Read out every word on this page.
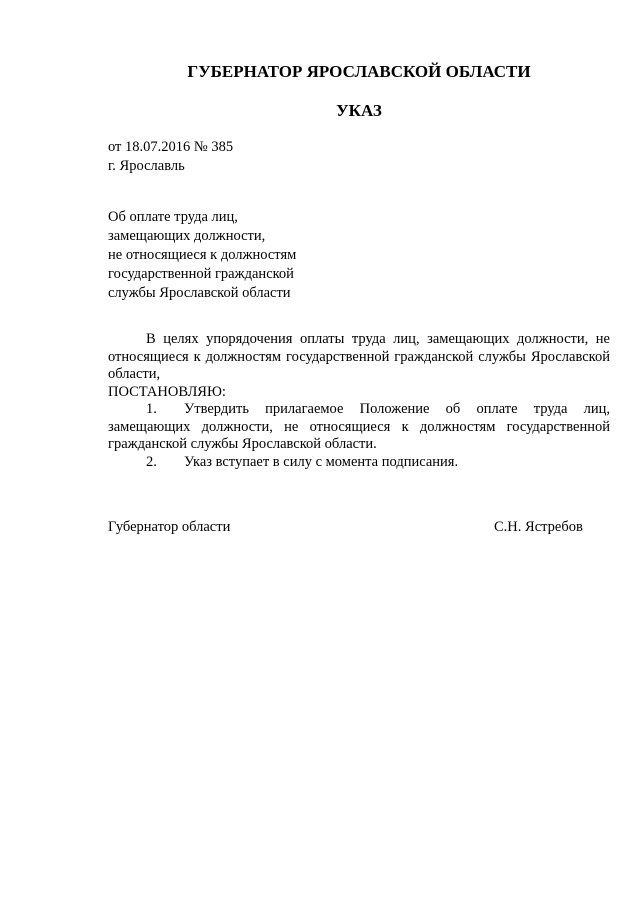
ГУБЕРНАТОР ЯРОСЛАВСКОЙ ОБЛАСТИ
УКАЗ
от 18.07.2016 № 385
г. Ярославль
Об оплате труда лиц,
замещающих должности,
не относящиеся к должностям
государственной гражданской
службы Ярославской области

В целях упорядочения оплаты труда лиц, замещающих должности, не относящиеся к должностям государственной гражданской службы Ярославской области,

ПОСТАНОВЛЯЮ:

1. Утвердить прилагаемое Положение об оплате труда лиц, замещающих должности, не относящиеся к должностям государственной гражданской службы Ярославской области.

2. Указ вступает в силу с момента подписания.

Губернатор области	С.Н. Ястребов
